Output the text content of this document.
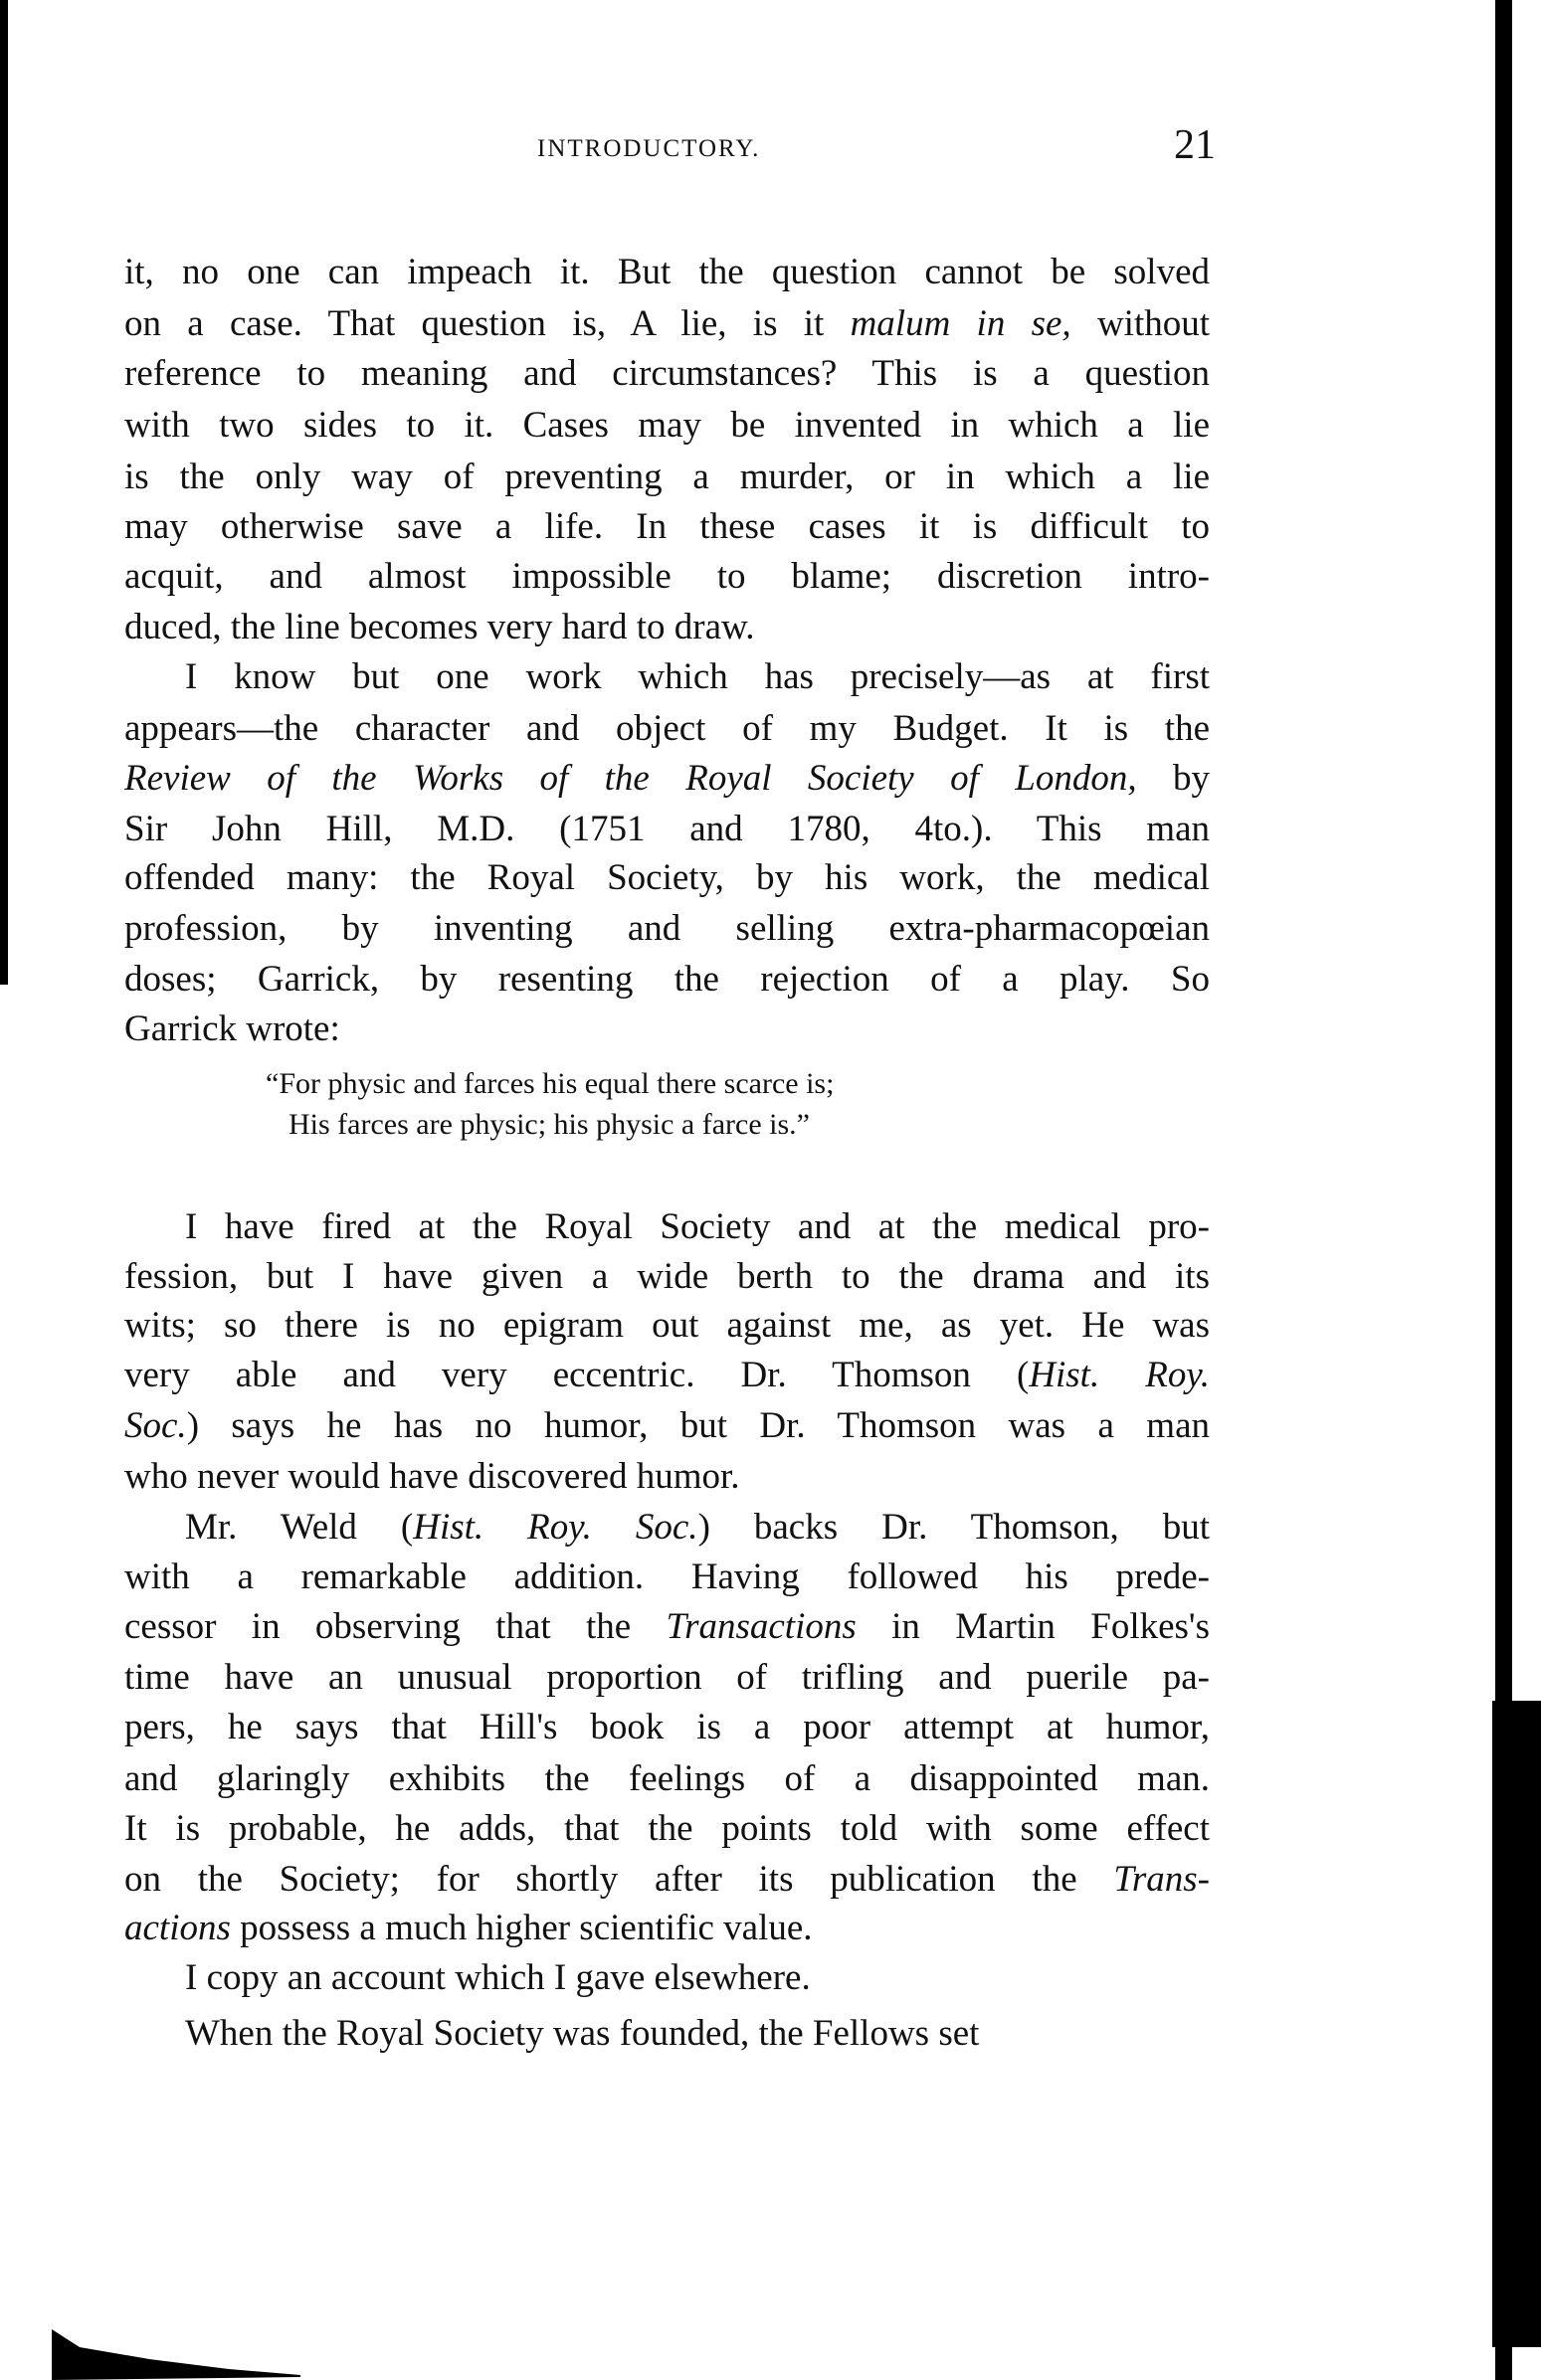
INTRODUCTORY.	21
it, no one can impeach it. But the question cannot be solved
on a case. That question is, A lie, is it malum in se, without
reference to meaning and circumstances? This is a question
with two sides to it. Cases may be invented in which a lie
is the only way of preventing a murder, or in which a lie
may otherwise save a life. In these cases it is difficult to
acquit, and almost impossible to blame; discretion intro-
duced, the line becomes very hard to draw.
I know but one work which has precisely—as at first
appears—the character and object of my Budget. It is the
Review of the Works of the Royal Society of London, by
Sir John Hill, M.D. (1751 and 1780, 4to.). This man
offended many: the Royal Society, by his work, the medical
profession, by inventing and selling extra-pharmacopœian
doses; Garrick, by resenting the rejection of a play. So
Garrick wrote:
I have fired at the Royal Society and at the medical pro-
fession, but I have given a wide berth to the drama and its
wits; so there is no epigram out against me, as yet. He was
very able and very eccentric. Dr. Thomson (Hist. Roy.
Soc.) says he has no humor, but Dr. Thomson was a man
who never would have discovered humor.
Mr. Weld (Hist. Roy. Soc.) backs Dr. Thomson, but
with a remarkable addition. Having followed his prede-
cessor in observing that the Transactions in Martin Folkes's
time have an unusual proportion of trifling and puerile pa-
pers, he says that Hill's book is a poor attempt at humor,
and glaringly exhibits the feelings of a disappointed man.
It is probable, he adds, that the points told with some effect
on the Society; for shortly after its publication the Trans-
actions possess a much higher scientific value.
I copy an account which I gave elsewhere.
When the Royal Society was founded, the Fellows set
“For physic and farces his equal there scarce is;
His farces are physic; his physic a farce is.”
